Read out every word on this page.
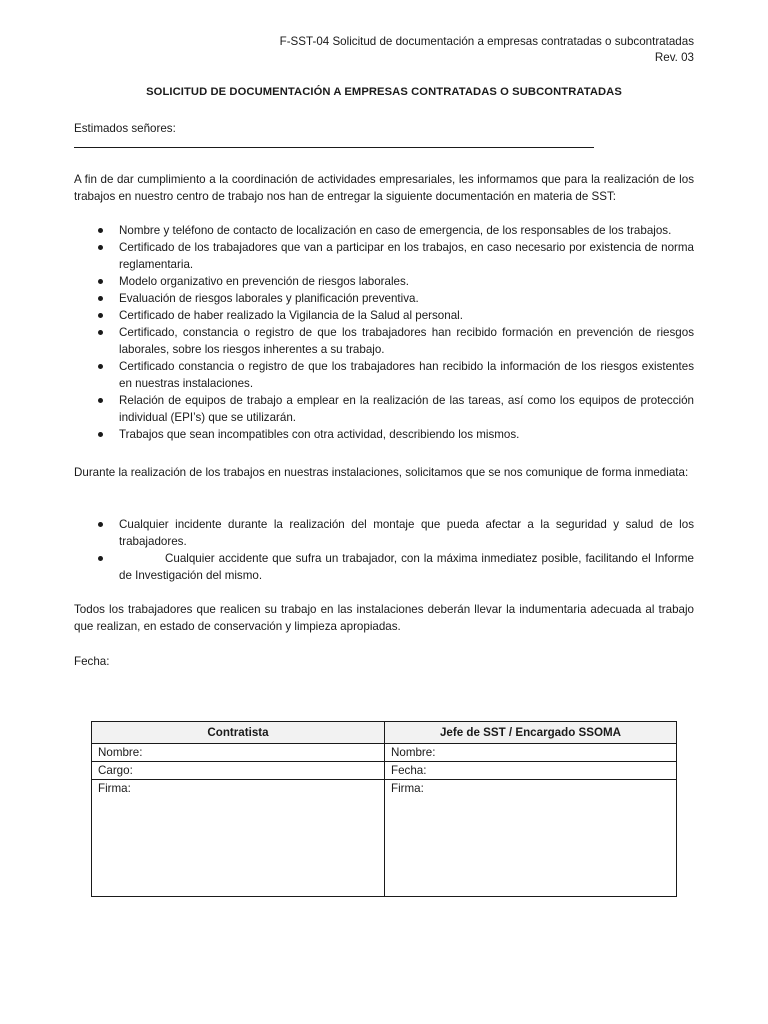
F-SST-04 Solicitud de documentación a empresas contratadas o subcontratadas
Rev. 03
SOLICITUD DE DOCUMENTACIÓN A EMPRESAS CONTRATADAS O SUBCONTRATADAS
Estimados señores:
A fin de dar cumplimiento a la coordinación de actividades empresariales, les informamos que para la realización de los trabajos en nuestro centro de trabajo nos han de entregar la siguiente documentación en materia de SST:
Nombre y teléfono de contacto de localización en caso de emergencia, de los responsables de los trabajos.
Certificado de los trabajadores que van a participar en los trabajos, en caso necesario por existencia de norma reglamentaria.
Modelo organizativo en prevención de riesgos laborales.
Evaluación de riesgos laborales y planificación preventiva.
Certificado de haber realizado la Vigilancia de la Salud al personal.
Certificado, constancia o registro de que los trabajadores han recibido formación en prevención de riesgos laborales, sobre los riesgos inherentes a su trabajo.
Certificado constancia o registro de que los trabajadores han recibido la información de los riesgos existentes en nuestras instalaciones.
Relación de equipos de trabajo a emplear en la realización de las tareas, así como los equipos de protección individual (EPI’s) que se utilizarán.
Trabajos que sean incompatibles con otra actividad, describiendo los mismos.
Durante la realización de los trabajos en nuestras instalaciones, solicitamos que se nos comunique de forma inmediata:
Cualquier incidente durante la realización del montaje que pueda afectar a la seguridad y salud de los trabajadores.
Cualquier accidente que sufra un trabajador, con la máxima inmediatez posible, facilitando el Informe de Investigación del mismo.
Todos los trabajadores que realicen su trabajo en las instalaciones deberán llevar la indumentaria adecuada al trabajo que realizan, en estado de conservación y limpieza apropiadas.
Fecha:
Contratista	Jefe de SST / Encargado SSOMA
Nombre:	Nombre:
Cargo:	Fecha:
Firma:	Firma:
